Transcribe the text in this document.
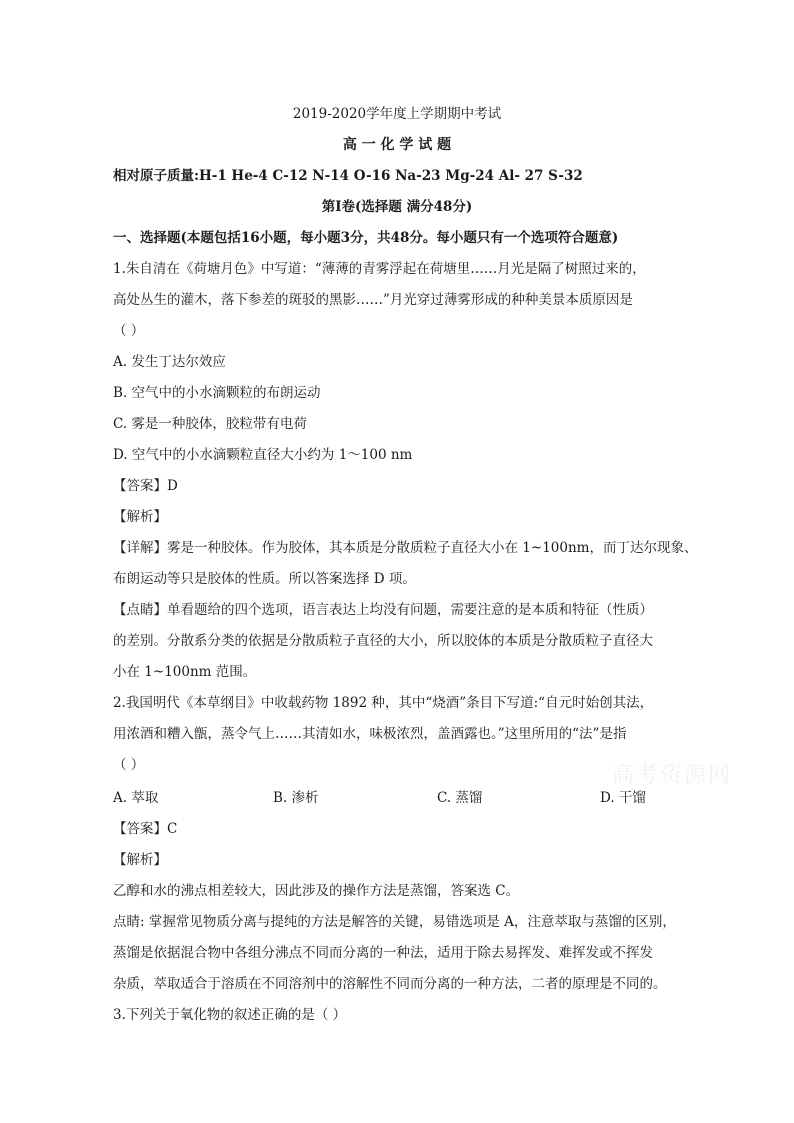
2019-2020学年度上学期期中考试
高 一 化 学 试 题
相对原子质量:H-1 He-4 C-12 N-14 O-16 Na-23 Mg-24 Al- 27 S-32
第Ⅰ卷(选择题 满分48分)
一、选择题(本题包括16小题，每小题3分，共48分。每小题只有一个选项符合题意)
1.朱自清在《荷塘月色》中写道：“薄薄的青雾浮起在荷塘里……月光是隔了树照过来的，
高处丛生的灌木，落下参差的斑驳的黑影……”月光穿过薄雾形成的种种美景本质原因是
（ ）
A. 发生丁达尔效应
B. 空气中的小水滴颗粒的布朗运动
C. 雾是一种胶体，胶粒带有电荷
D. 空气中的小水滴颗粒直径大小约为 1～100 nm
【答案】D
【解析】
【详解】雾是一种胶体。作为胶体，其本质是分散质粒子直径大小在 1~100nm，而丁达尔现象、
布朗运动等只是胶体的性质。所以答案选择 D 项。
【点睛】单看题给的四个选项，语言表达上均没有问题，需要注意的是本质和特征（性质）
的差别。分散系分类的依据是分散质粒子直径的大小，所以胶体的本质是分散质粒子直径大
小在 1~100nm 范围。
2.我国明代《本草纲目》中收载药物 1892 种，其中“烧酒”条目下写道:“自元时始创其法，
用浓酒和糟入甑，蒸令气上……其清如水，味极浓烈，盖酒露也。”这里所用的“法”是指
（ ）
A. 萃取	B. 渗析	C. 蒸馏	D. 干馏
【答案】C
【解析】
乙醇和水的沸点相差较大，因此涉及的操作方法是蒸馏，答案选 C。
点睛: 掌握常见物质分离与提纯的方法是解答的关键，易错选项是 A，注意萃取与蒸馏的区别，
蒸馏是依据混合物中各组分沸点不同而分离的一种法，适用于除去易挥发、难挥发或不挥发
杂质，萃取适合于溶质在不同溶剂中的溶解性不同而分离的一种方法，二者的原理是不同的。
3.下列关于氧化物的叙述正确的是（ ）
高考资源网
